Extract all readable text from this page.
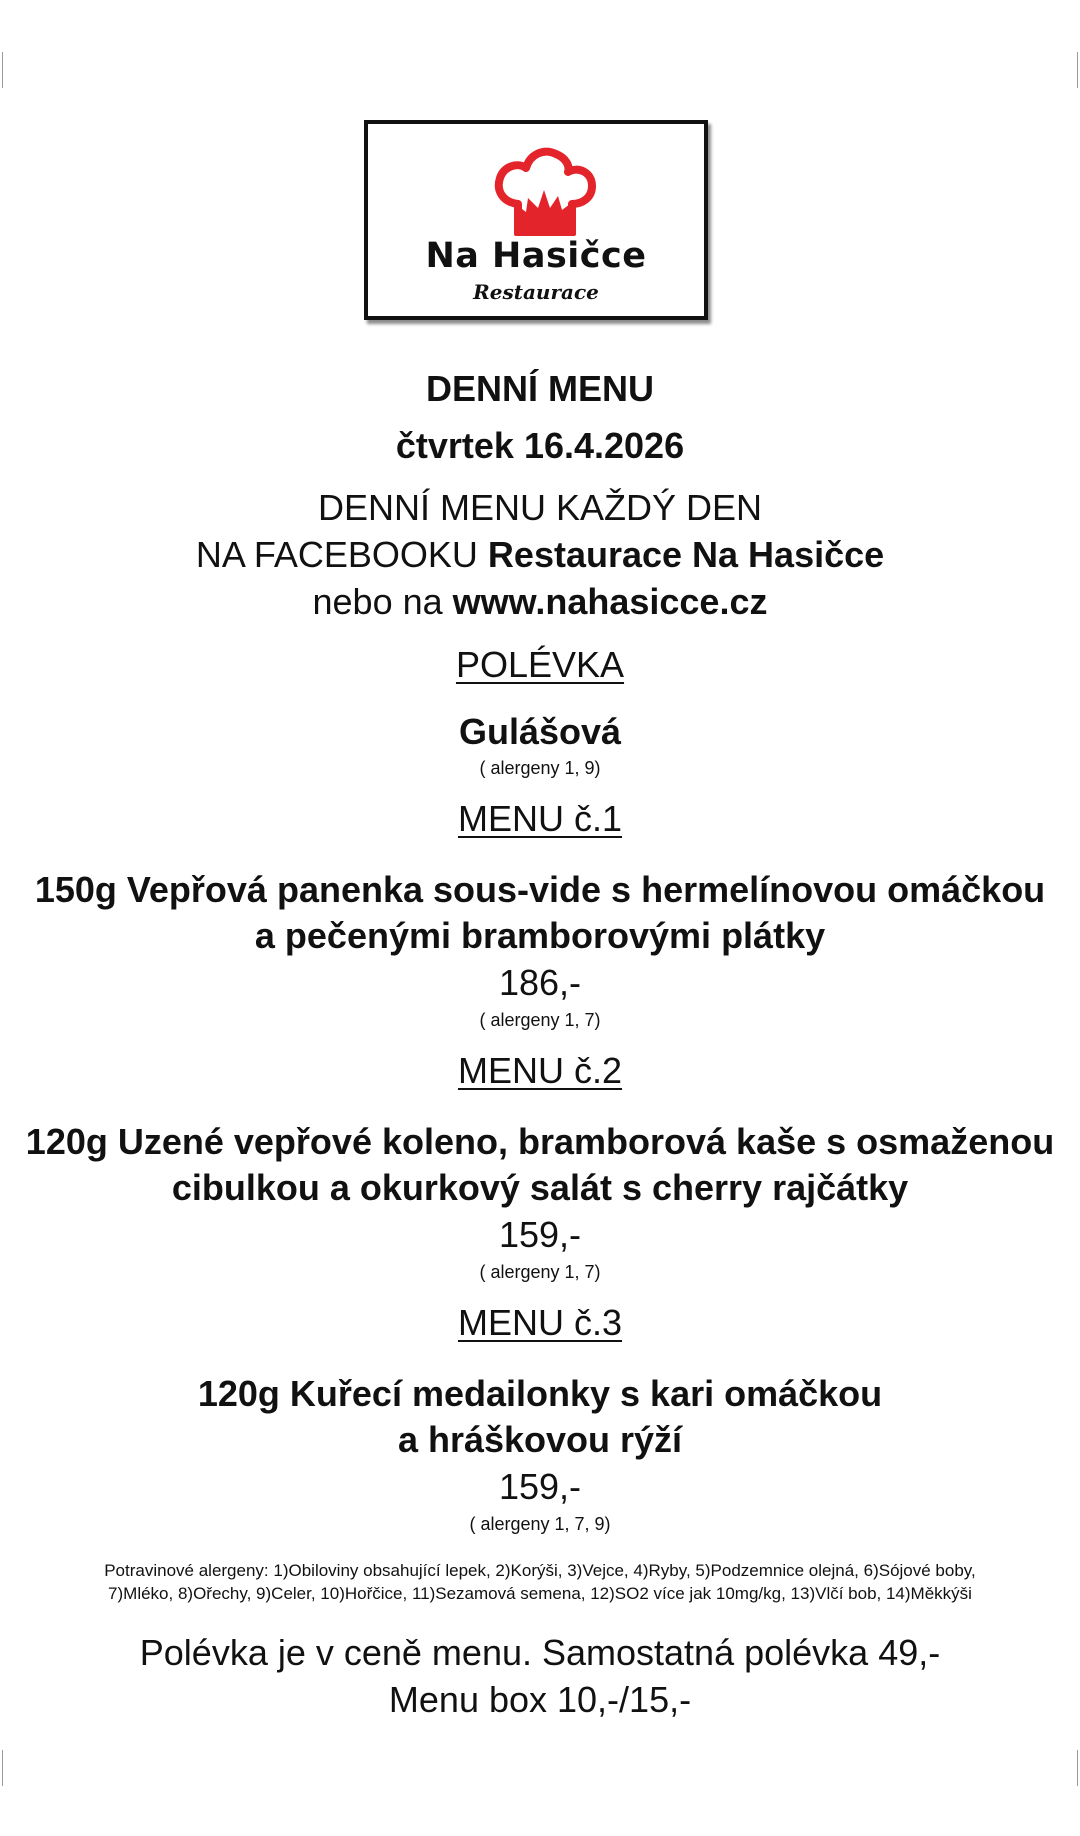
Na Hasičce
Restaurace
DENNÍ MENU
čtvrtek 16.4.2026
DENNÍ MENU KAŽDÝ DEN
NA FACEBOOKU Restaurace Na Hasičce
nebo na www.nahasicce.cz
POLÉVKA
Gulášová
( alergeny 1, 9)
MENU č.1
150g Vepřová panenka sous-vide s hermelínovou omáčkou
a pečenými bramborovými plátky
186,-
( alergeny 1, 7)
MENU č.2
120g Uzené vepřové koleno, bramborová kaše s osmaženou
cibulkou a okurkový salát s cherry rajčátky
159,-
( alergeny 1, 7)
MENU č.3
120g Kuřecí medailonky s kari omáčkou
a hráškovou rýží
159,-
( alergeny 1, 7, 9)
Potravinové alergeny: 1)Obiloviny obsahující lepek, 2)Korýši, 3)Vejce, 4)Ryby, 5)Podzemnice olejná, 6)Sójové boby,
7)Mléko, 8)Ořechy, 9)Celer, 10)Hořčice, 11)Sezamová semena, 12)SO2 více jak 10mg/kg, 13)Vlčí bob, 14)Měkkýši
Polévka je v ceně menu. Samostatná polévka 49,-
Menu box 10,-/15,-
